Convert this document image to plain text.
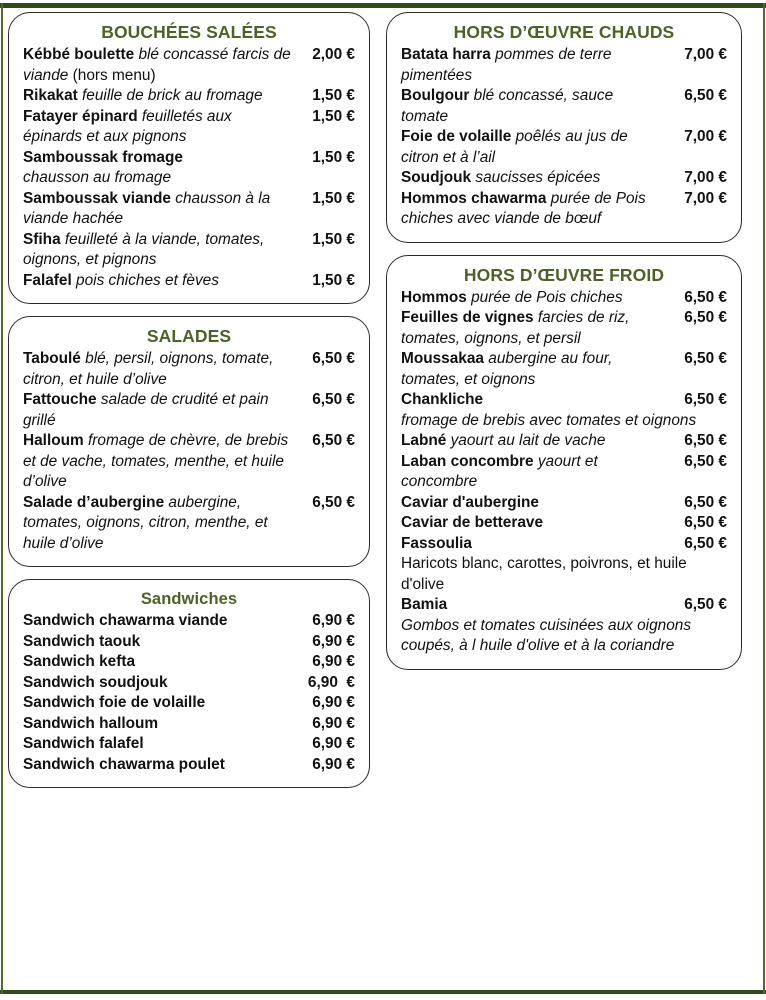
BOUCHÉES SALÉES
Kébbé boulette blé concassé farcis de viande (hors menu)
2,00 €
Rikakat feuille de brick au fromage	1,50 €
Fatayer épinard feuilletés aux épinards et aux pignons
1,50 €
Samboussak fromage	1,50 €
chausson au fromage
Samboussak viande chausson à la viande hachée
1,50 €
Sfiha feuilleté à la viande, tomates, oignons, et pignons
1,50 €
Falafel pois chiches et fèves	1,50 €
SALADES
Taboulé blé, persil, oignons, tomate, citron, et huile d’olive
6,50 €
Fattouche salade de crudité et pain grillé
6,50 €
Halloum fromage de chèvre, de brebis et de vache, tomates, menthe, et huile d’olive
6,50 €
Salade d’aubergine aubergine, tomates, oignons, citron, menthe, et huile d’olive
6,50 €
Sandwiches
Sandwich chawarma viande	6,90 €
Sandwich taouk	6,90 €
Sandwich kefta	6,90 €
Sandwich soudjouk	6,90  €
Sandwich foie de volaille	6,90 €
Sandwich halloum	6,90 €
Sandwich falafel	6,90 €
Sandwich chawarma poulet	6,90 €
HORS D’ŒUVRE CHAUDS
Batata harra pommes de terre pimentées
7,00 €
Boulgour blé concassé, sauce tomate
6,50 €
Foie de volaille poêlés au jus de citron et à l’ail
7,00 €
Soudjouk saucisses épicées	7,00 €
Hommos chawarma purée de Pois chiches avec viande de bœuf
7,00 €
HORS D’ŒUVRE FROID
Hommos purée de Pois chiches	6,50 €
Feuilles de vignes farcies de riz, tomates, oignons, et persil
6,50 €
Moussakaa aubergine au four, tomates, et oignons
6,50 €
Chankliche	6,50 €
fromage de brebis avec tomates et oignons
Labné yaourt au lait de vache	6,50 €
Laban concombre yaourt et concombre
6,50 €
Caviar d'aubergine	6,50 €
Caviar de betterave	6,50 €
Fassoulia	6,50 €
Haricots blanc, carottes, poivrons, et huile d'olive
Bamia	6,50 €
Gombos et tomates cuisinées aux oignons coupés, à l huile d'olive et à la coriandre
